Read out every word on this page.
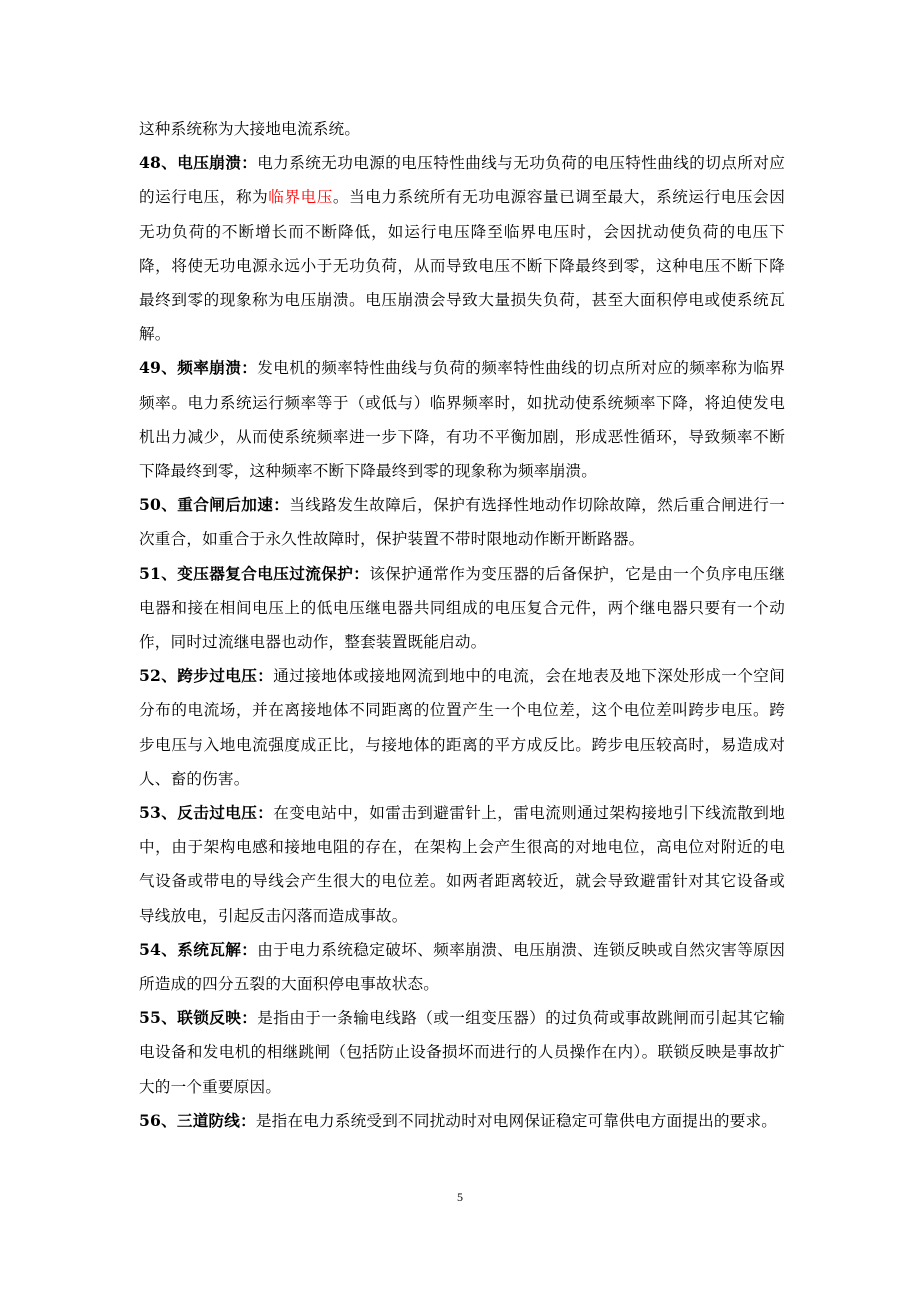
这种系统称为大接地电流系统。

48、电压崩溃：电力系统无功电源的电压特性曲线与无功负荷的电压特性曲线的切点所对应的运行电压，称为临界电压。当电力系统所有无功电源容量已调至最大，系统运行电压会因无功负荷的不断增长而不断降低，如运行电压降至临界电压时，会因扰动使负荷的电压下降，将使无功电源永远小于无功负荷，从而导致电压不断下降最终到零，这种电压不断下降最终到零的现象称为电压崩溃。电压崩溃会导致大量损失负荷，甚至大面积停电或使系统瓦解。

49、频率崩溃：发电机的频率特性曲线与负荷的频率特性曲线的切点所对应的频率称为临界频率。电力系统运行频率等于（或低与）临界频率时，如扰动使系统频率下降，将迫使发电机出力减少，从而使系统频率进一步下降，有功不平衡加剧，形成恶性循环，导致频率不断下降最终到零，这种频率不断下降最终到零的现象称为频率崩溃。

50、重合闸后加速：当线路发生故障后，保护有选择性地动作切除故障，然后重合闸进行一次重合，如重合于永久性故障时，保护装置不带时限地动作断开断路器。

51、变压器复合电压过流保护：该保护通常作为变压器的后备保护，它是由一个负序电压继电器和接在相间电压上的低电压继电器共同组成的电压复合元件，两个继电器只要有一个动作，同时过流继电器也动作，整套装置既能启动。

52、跨步过电压：通过接地体或接地网流到地中的电流，会在地表及地下深处形成一个空间分布的电流场，并在离接地体不同距离的位置产生一个电位差，这个电位差叫跨步电压。跨步电压与入地电流强度成正比，与接地体的距离的平方成反比。跨步电压较高时，易造成对人、畜的伤害。

53、反击过电压：在变电站中，如雷击到避雷针上，雷电流则通过架构接地引下线流散到地中，由于架构电感和接地电阻的存在，在架构上会产生很高的对地电位，高电位对附近的电气设备或带电的导线会产生很大的电位差。如两者距离较近，就会导致避雷针对其它设备或导线放电，引起反击闪落而造成事故。

54、系统瓦解：由于电力系统稳定破坏、频率崩溃、电压崩溃、连锁反映或自然灾害等原因所造成的四分五裂的大面积停电事故状态。

55、联锁反映：是指由于一条输电线路（或一组变压器）的过负荷或事故跳闸而引起其它输电设备和发电机的相继跳闸（包括防止设备损坏而进行的人员操作在内）。联锁反映是事故扩大的一个重要原因。

56、三道防线：是指在电力系统受到不同扰动时对电网保证稳定可靠供电方面提出的要求。

5
